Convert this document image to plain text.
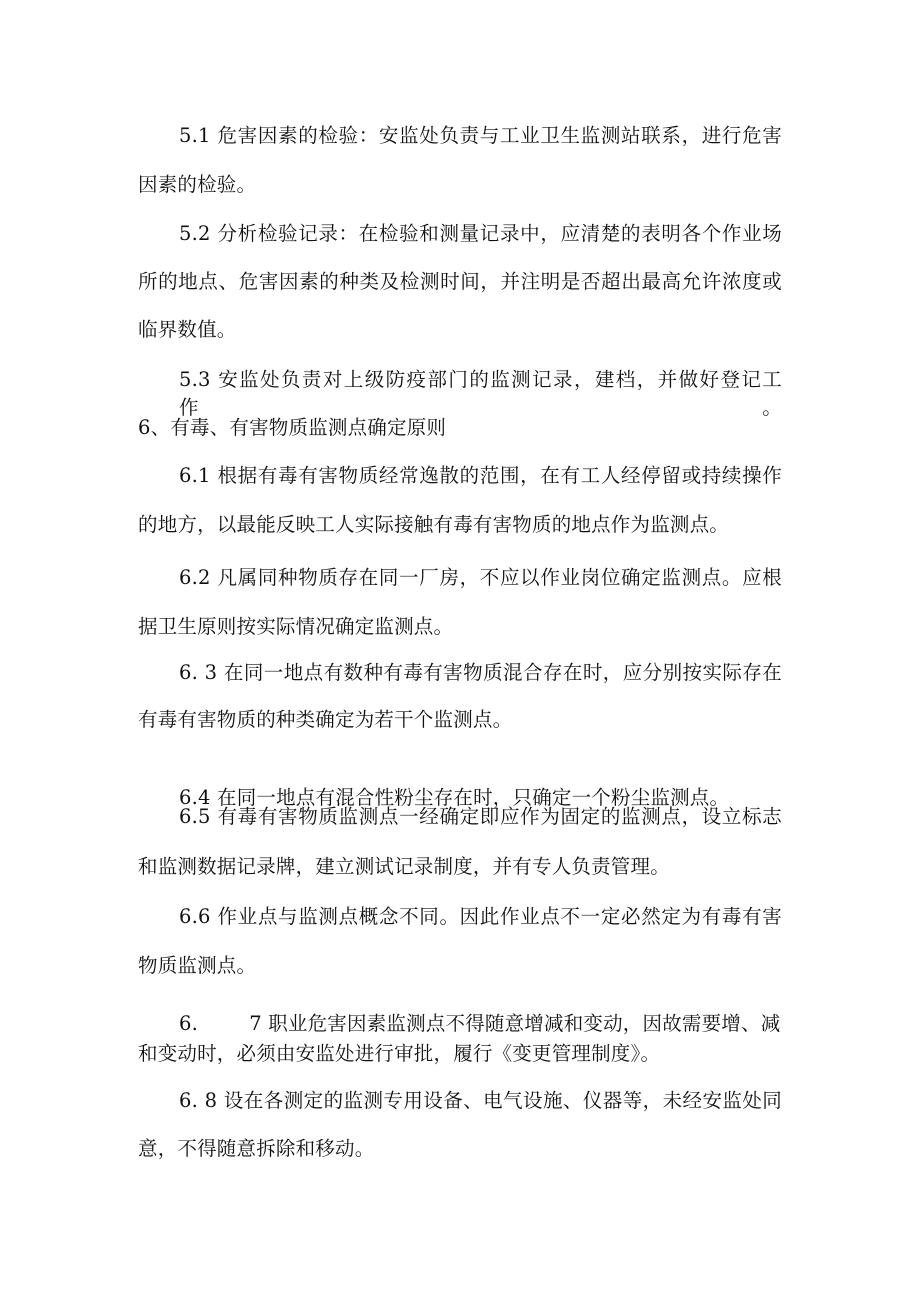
5.1 危害因素的检验：安监处负责与工业卫生监测站联系，进行危害
因素的检验。
5.2 分析检验记录：在检验和测量记录中，应清楚的表明各个作业场
所的地点、危害因素的种类及检测时间，并注明是否超出最高允许浓度或
临界数值。
5.3 安监处负责对上级防疫部门的监测记录，建档，并做好登记工作。
6、有毒、有害物质监测点确定原则
6.1 根据有毒有害物质经常逸散的范围，在有工人经停留或持续操作
的地方，以最能反映工人实际接触有毒有害物质的地点作为监测点。
6.2 凡属同种物质存在同一厂房，不应以作业岗位确定监测点。应根
据卫生原则按实际情况确定监测点。
6. 3 在同一地点有数种有毒有害物质混合存在时，应分别按实际存在
有毒有害物质的种类确定为若干个监测点。
6.4 在同一地点有混合性粉尘存在时，只确定一个粉尘监测点。
6.5 有毒有害物质监测点一经确定即应作为固定的监测点，设立标志
和监测数据记录牌，建立测试记录制度，并有专人负责管理。
6.6 作业点与监测点概念不同。因此作业点不一定必然定为有毒有害
物质监测点。
6.        7 职业危害因素监测点不得随意增减和变动，因故需要增、减
和变动时，必须由安监处进行审批，履行《变更管理制度》。
6. 8 设在各测定的监测专用设备、电气设施、仪器等，未经安监处同
意，不得随意拆除和移动。
